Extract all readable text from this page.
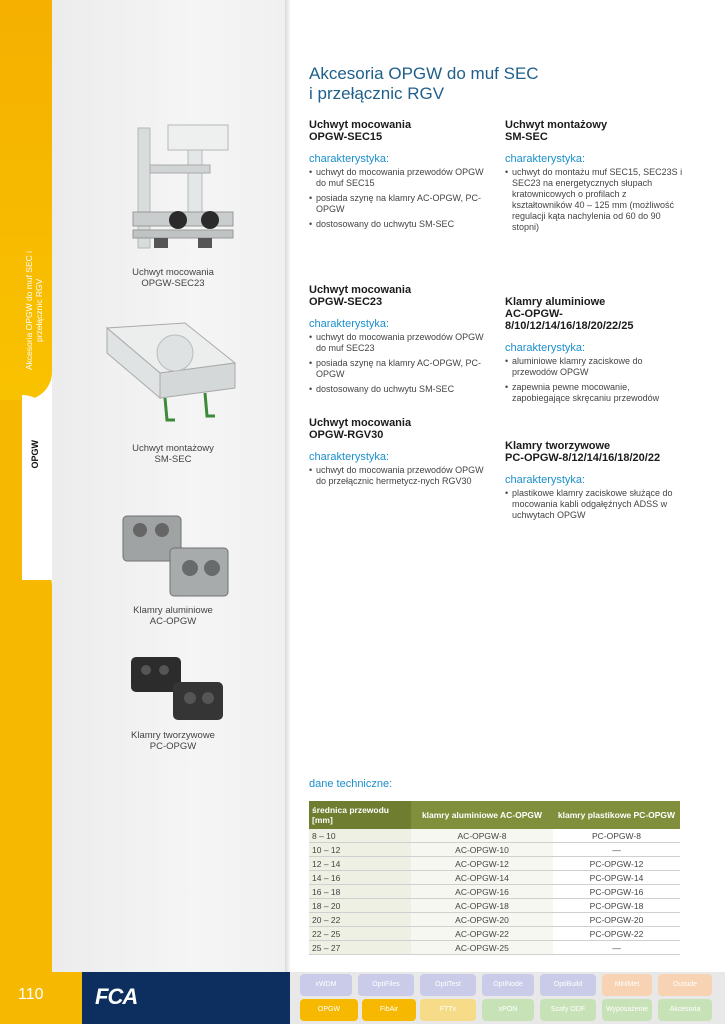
Akcesoria OPGW do muf SEC i przełącznic RGV
OPGW
Uchwyt mocowania
OPGW-SEC23
Uchwyt montażowy
SM-SEC
Klamry aluminiowe
AC-OPGW
Klamry tworzywowe
PC-OPGW
Akcesoria OPGW do muf SEC
i przełącznic RGV
Uchwyt mocowania
OPGW-SEC15
charakterystyka:
• uchwyt do mocowania przewodów OPGW do muf SEC15
• posiada szynę na klamry AC-OPGW, PC-OPGW
• dostosowany do uchwytu SM-SEC
Uchwyt montażowy
SM-SEC
charakterystyka:
• uchwyt do montażu muf SEC15, SEC23S i SEC23 na energetycznych słupach kratownicowych o profilach z kształtowników 40 – 125 mm (możliwość regulacji kąta nachylenia od 60 do 90 stopni)
Uchwyt mocowania
OPGW-SEC23
charakterystyka:
• uchwyt do mocowania przewodów OPGW do muf SEC23
• posiada szynę na klamry AC-OPGW, PC-OPGW
• dostosowany do uchwytu SM-SEC
Klamry aluminiowe
AC-OPGW-
8/10/12/14/16/18/20/22/25
charakterystyka:
• aluminiowe klamry zaciskowe do przewodów OPGW
• zapewnia pewne mocowanie, zapobiegające skręcaniu przewodów
Uchwyt mocowania
OPGW-RGV30
charakterystyka:
• uchwyt do mocowania przewodów OPGW do przełącznic hermetycz-nych RGV30
Klamry tworzywowe
PC-OPGW-8/12/14/16/18/20/22
charakterystyka:
• plastikowe klamry zaciskowe służące do mocowania kabli odgałęźnych ADSS w uchwytach OPGW
dane techniczne:
średnica przewodu [mm]	klamry aluminiowe AC-OPGW	klamry plastikowe PC-OPGW
8 – 10	AC-OPGW-8	PC-OPGW-8
10 – 12	AC-OPGW-10	—
12 – 14	AC-OPGW-12	PC-OPGW-12
14 – 16	AC-OPGW-14	PC-OPGW-14
16 – 18	AC-OPGW-16	PC-OPGW-16
18 – 20	AC-OPGW-18	PC-OPGW-18
20 – 22	AC-OPGW-20	PC-OPGW-20
22 – 25	AC-OPGW-22	PC-OPGW-22
25 – 27	AC-OPGW-25	—
110 FCA	xWDM	OptiFiles	OptiTest	OptiNode	OptiBuild	MiniMet	Outside
OPGW	FibAir	FTTx	xPON	Szafy ODF	Wyposażenie	Akcesoria
